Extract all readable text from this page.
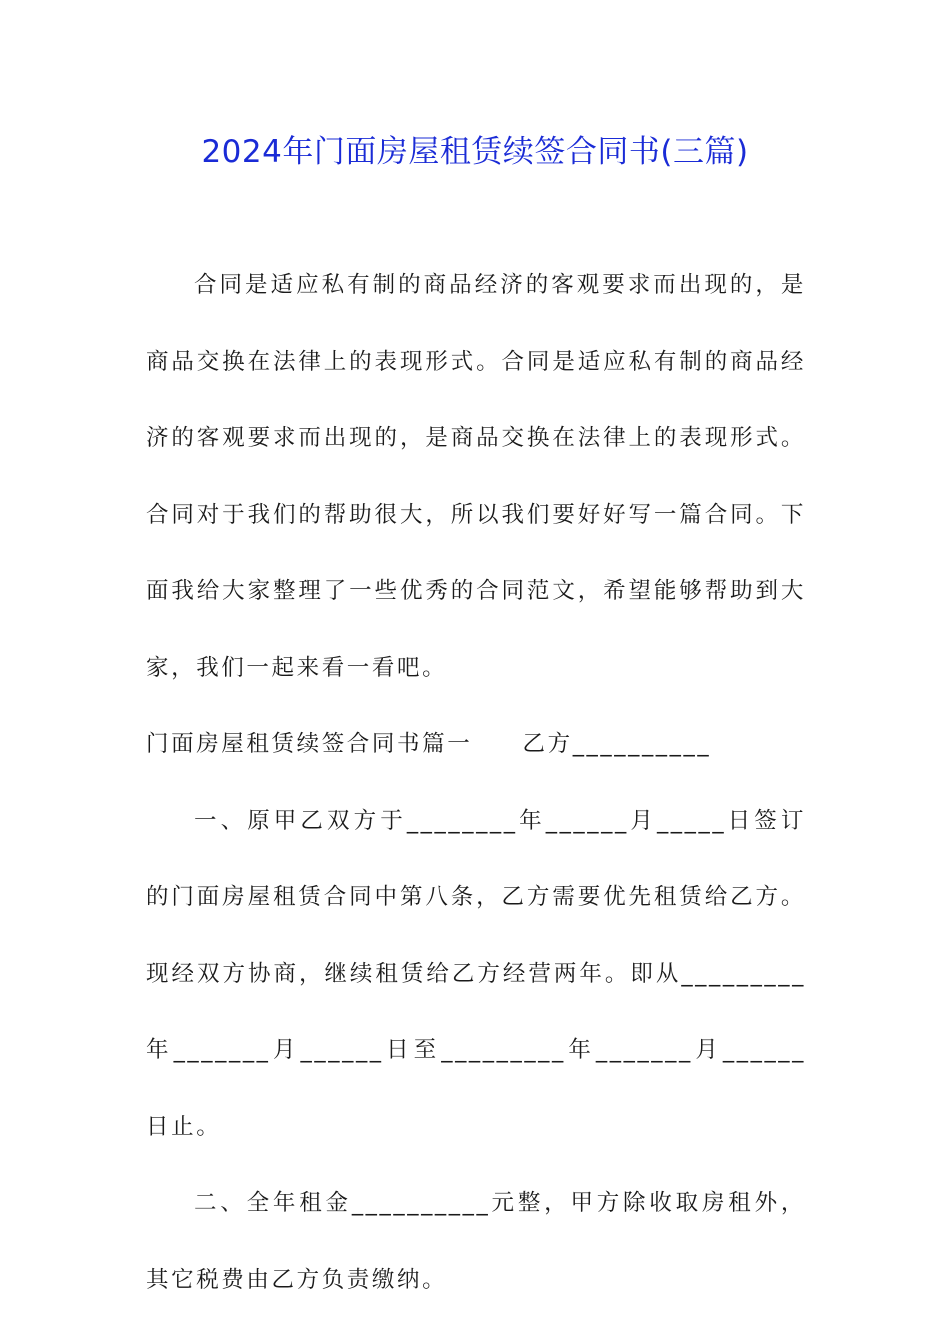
2024年门面房屋租赁续签合同书(三篇)

合同是适应私有制的商品经济的客观要求而出现的，是商品交换在法律上的表现形式。合同是适应私有制的商品经济的客观要求而出现的，是商品交换在法律上的表现形式。合同对于我们的帮助很大，所以我们要好好写一篇合同。下面我给大家整理了一些优秀的合同范文，希望能够帮助到大家，我们一起来看一看吧。

门面房屋租赁续签合同书篇一　　乙方__________

一、原甲乙双方于________年______月_____日签订的门面房屋租赁合同中第八条，乙方需要优先租赁给乙方。现经双方协商，继续租赁给乙方经营两年。即从_________年_______月______日至_________年_______月______日止。

二、全年租金__________元整，甲方除收取房租外，其它税费由乙方负责缴纳。
